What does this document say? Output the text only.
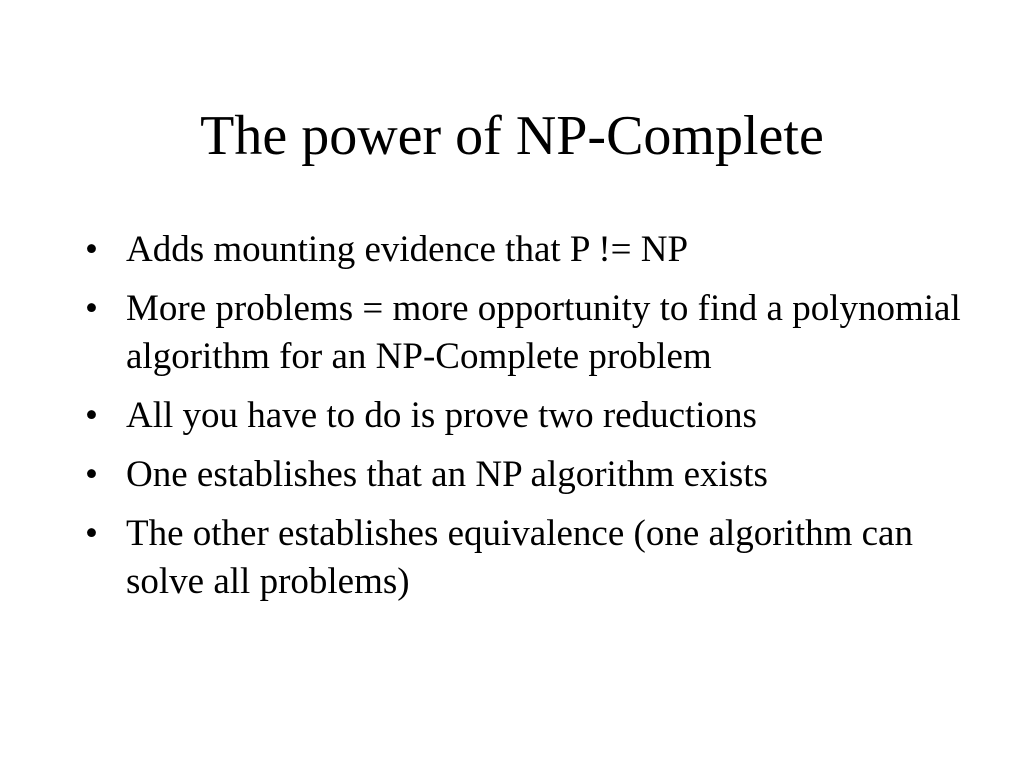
The power of NP-Complete
• Adds mounting evidence that P != NP
• More problems = more opportunity to find a polynomial algorithm for an NP-Complete problem
• All you have to do is prove two reductions
• One establishes that an NP algorithm exists
• The other establishes equivalence (one algorithm can solve all problems)
